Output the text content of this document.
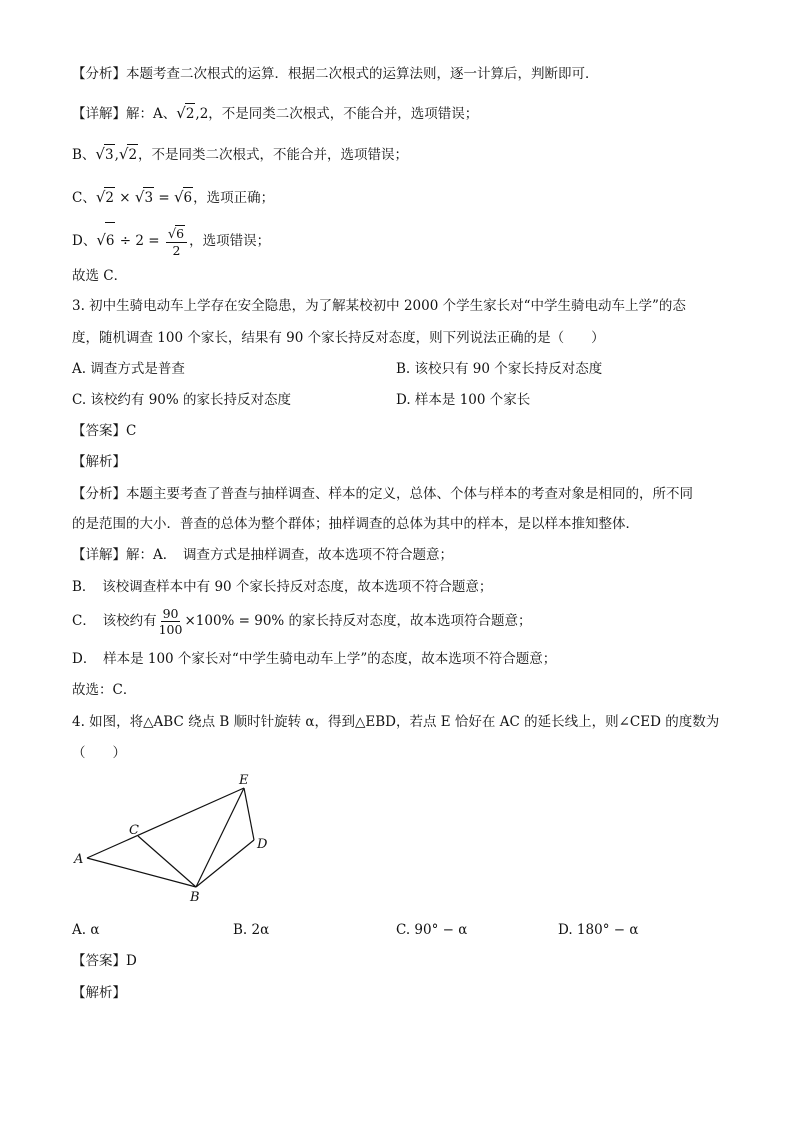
【分析】本题考查二次根式的运算．根据二次根式的运算法则，逐一计算后，判断即可．
【详解】解：A、√2,2，不是同类二次根式，不能合并，选项错误；
B、√3,√2，不是同类二次根式，不能合并，选项错误；
C、√2 × √3 = √6，选项正确；
D、$√6 \div 2 = \frac{√6}{2}$ ，选项错误；
故选 C．
3. 初中生骑电动车上学存在安全隐患，为了解某校初中 2000 个学生家长对“中学生骑电动车上学”的态
度，随机调查 100 个家长，结果有 90 个家长持反对态度，则下列说法正确的是（　　）
A. 调查方式是普查	B. 该校只有 90 个家长持反对态度
C. 该校约有 90% 的家长持反对态度	D. 样本是 100 个家长
【答案】C
【解析】
【分析】本题主要考查了普查与抽样调查、样本的定义，总体、个体与样本的考查对象是相同的，所不同
的是范围的大小．普查的总体为整个群体；抽样调查的总体为其中的样本，是以样本推知整体．
【详解】解：A．　调查方式是抽样调查，故本选项不符合题意；
B．　该校调查样本中有 90 个家长持反对态度，故本选项不符合题意；
C．　该校约有 $\frac{90}{100} \times 100\% = 90\%$ 的家长持反对态度，故本选项符合题意；
D．　样本是 100 个家长对“中学生骑电动车上学”的态度，故本选项不符合题意；
故选：C．
4. 如图，将△ABC 绕点 B 顺时针旋转 α，得到△EBD，若点 E 恰好在 AC 的延长线上，则∠CED 的度数为
（　　）
A
B
C
D
E
A. α	B. 2α	C. 90° − α	D. 180° − α
【答案】D
【解析】
